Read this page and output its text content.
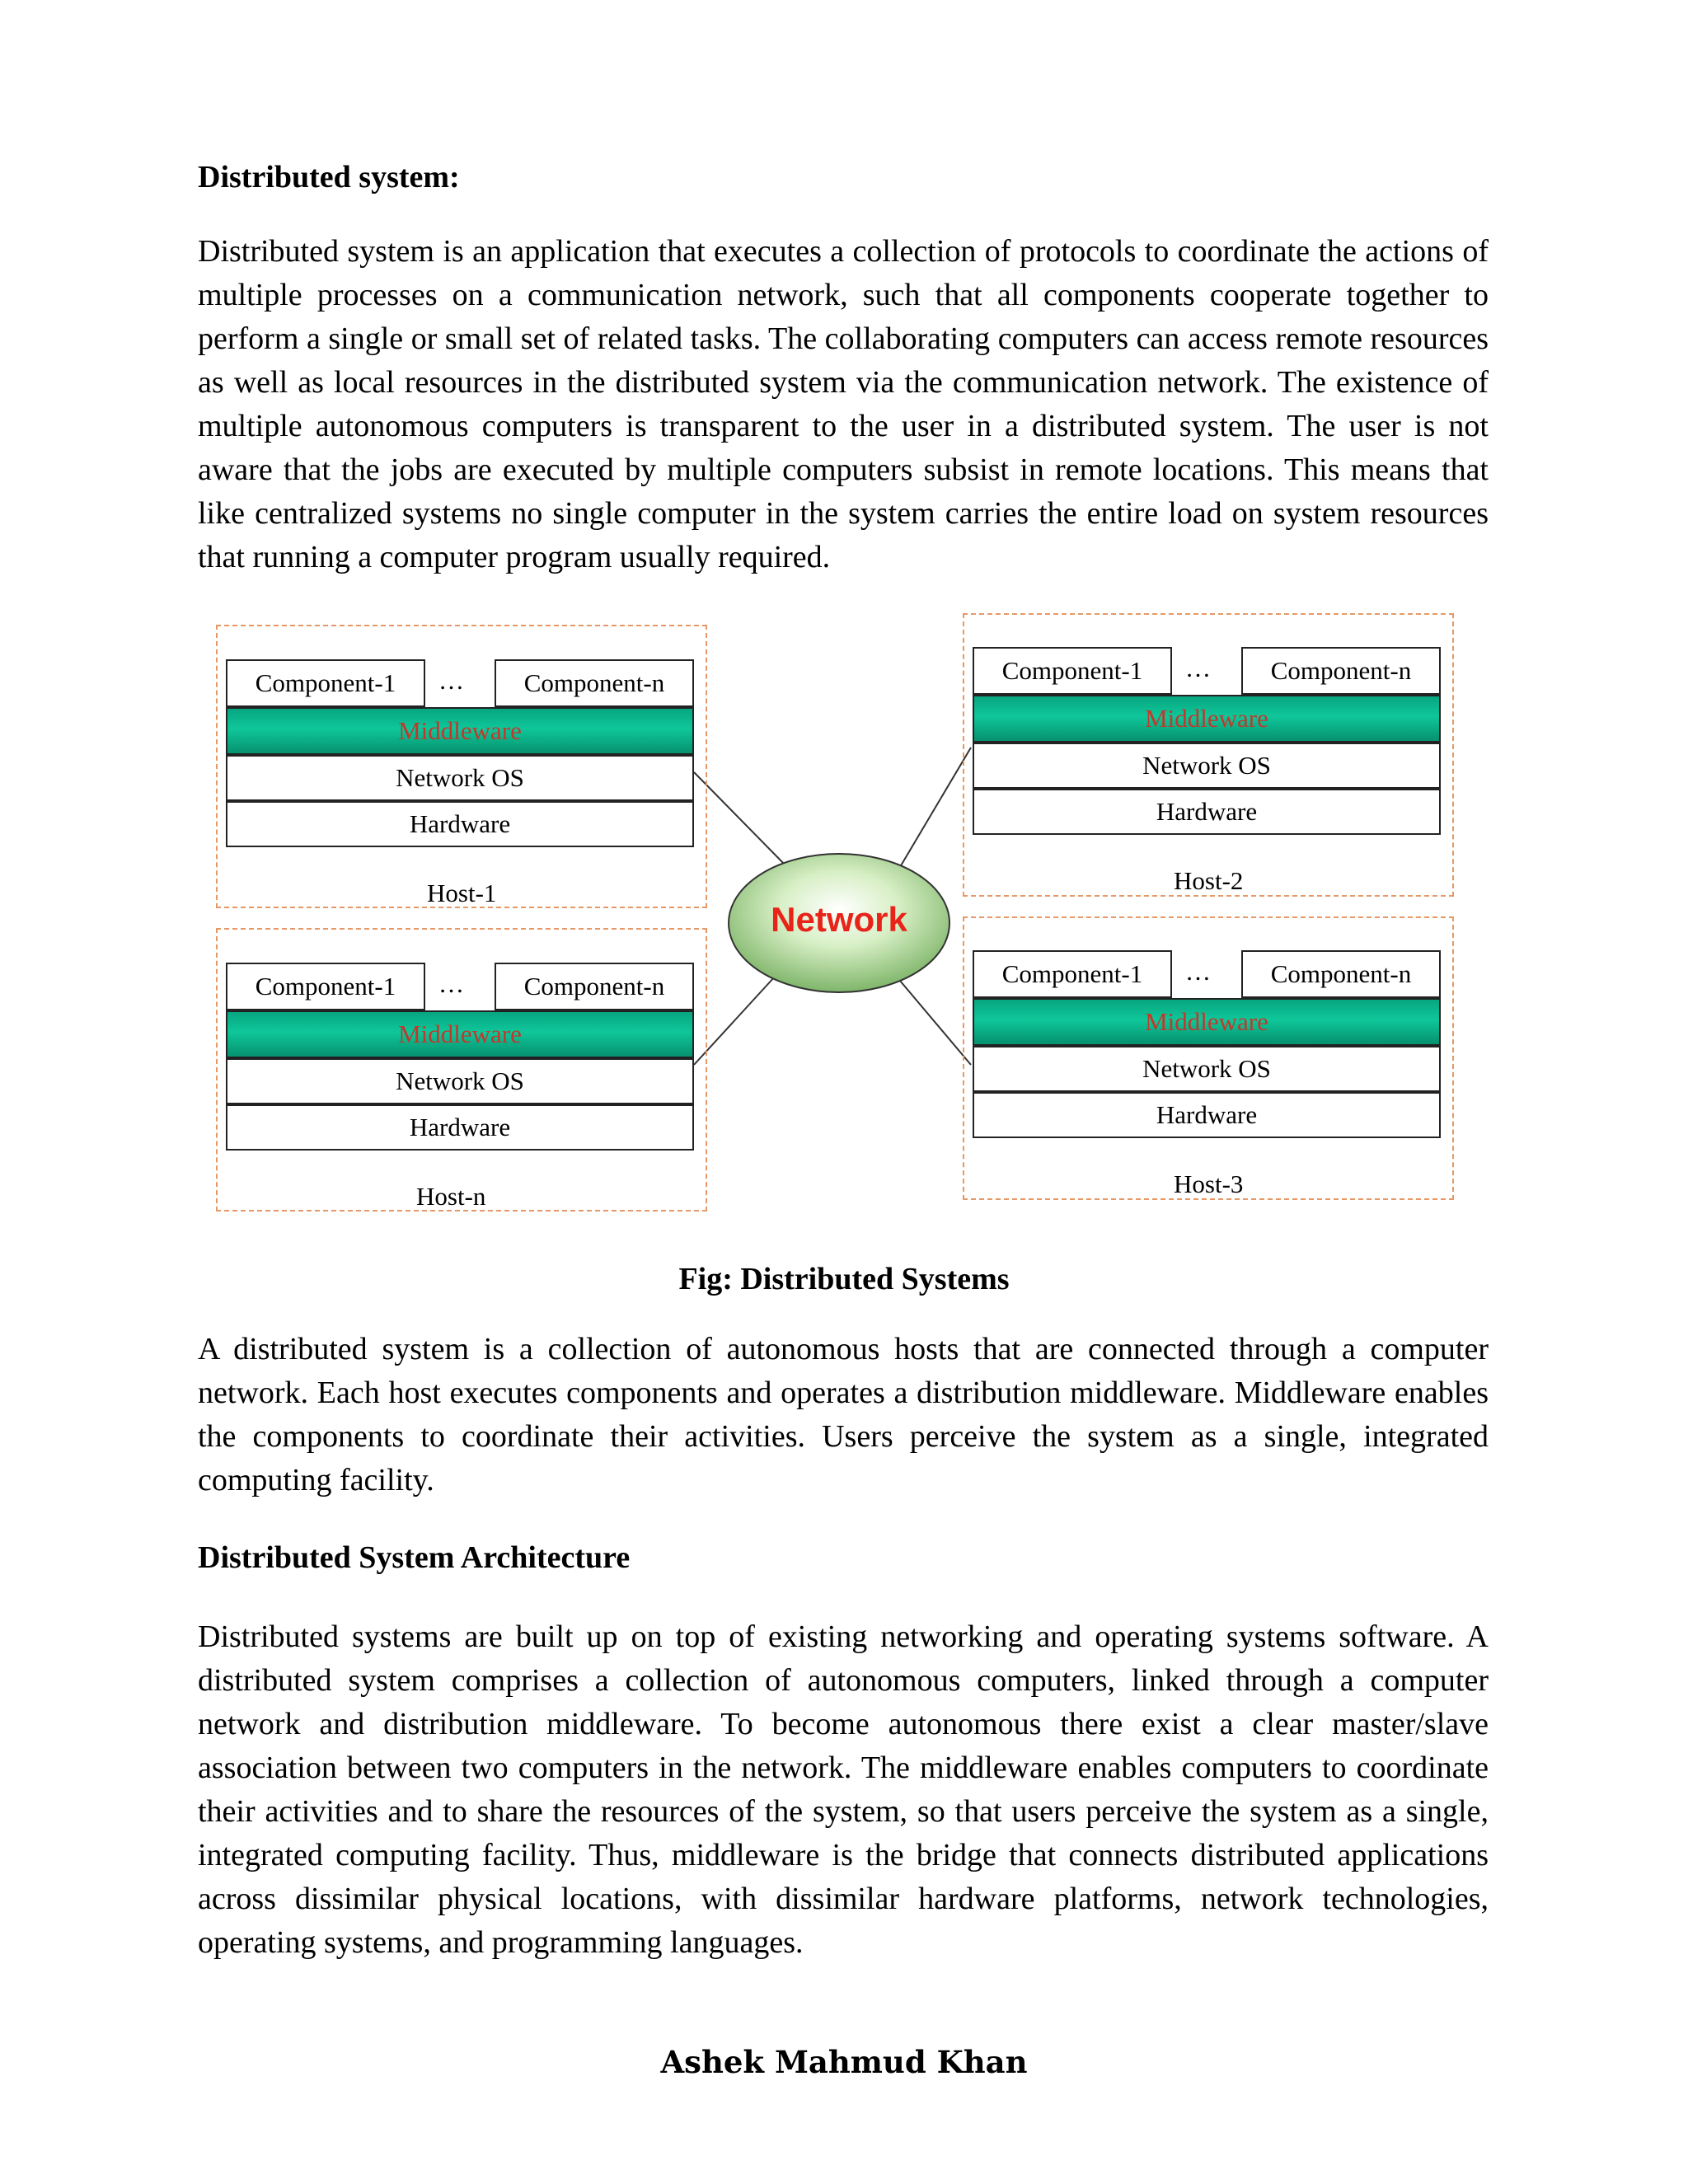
Distributed system:

Distributed system is an application that executes a collection of protocols to coordinate the actions of multiple processes on a communication network, such that all components cooperate together to perform a single or small set of related tasks. The collaborating computers can access remote resources as well as local resources in the distributed system via the communication network. The existence of multiple autonomous computers is transparent to the user in a distributed system. The user is not aware that the jobs are executed by multiple computers subsist in remote locations. This means that like centralized systems no single computer in the system carries the entire load on system resources that running a computer program usually required.

Network
Component-1	…	Component-n
Middleware
Network OS
Hardware
Host-1
Component-1	…	Component-n
Middleware
Network OS
Hardware
Host-2
Component-1	…	Component-n
Middleware
Network OS
Hardware
Host-n
Component-1	…	Component-n
Middleware
Network OS
Hardware
Host-3

Fig: Distributed Systems

A distributed system is a collection of autonomous hosts that are connected through a computer network. Each host executes components and operates a distribution middleware. Middleware enables the components to coordinate their activities. Users perceive the system as a single, integrated computing facility.

Distributed System Architecture

Distributed systems are built up on top of existing networking and operating systems software. A distributed system comprises a collection of autonomous computers, linked through a computer network and distribution middleware. To become autonomous there exist a clear master/slave association between two computers in the network. The middleware enables computers to coordinate their activities and to share the resources of the system, so that users perceive the system as a single, integrated computing facility. Thus, middleware is the bridge that connects distributed applications across dissimilar physical locations, with dissimilar hardware platforms, network technologies, operating systems, and programming languages.

Ashek Mahmud Khan
